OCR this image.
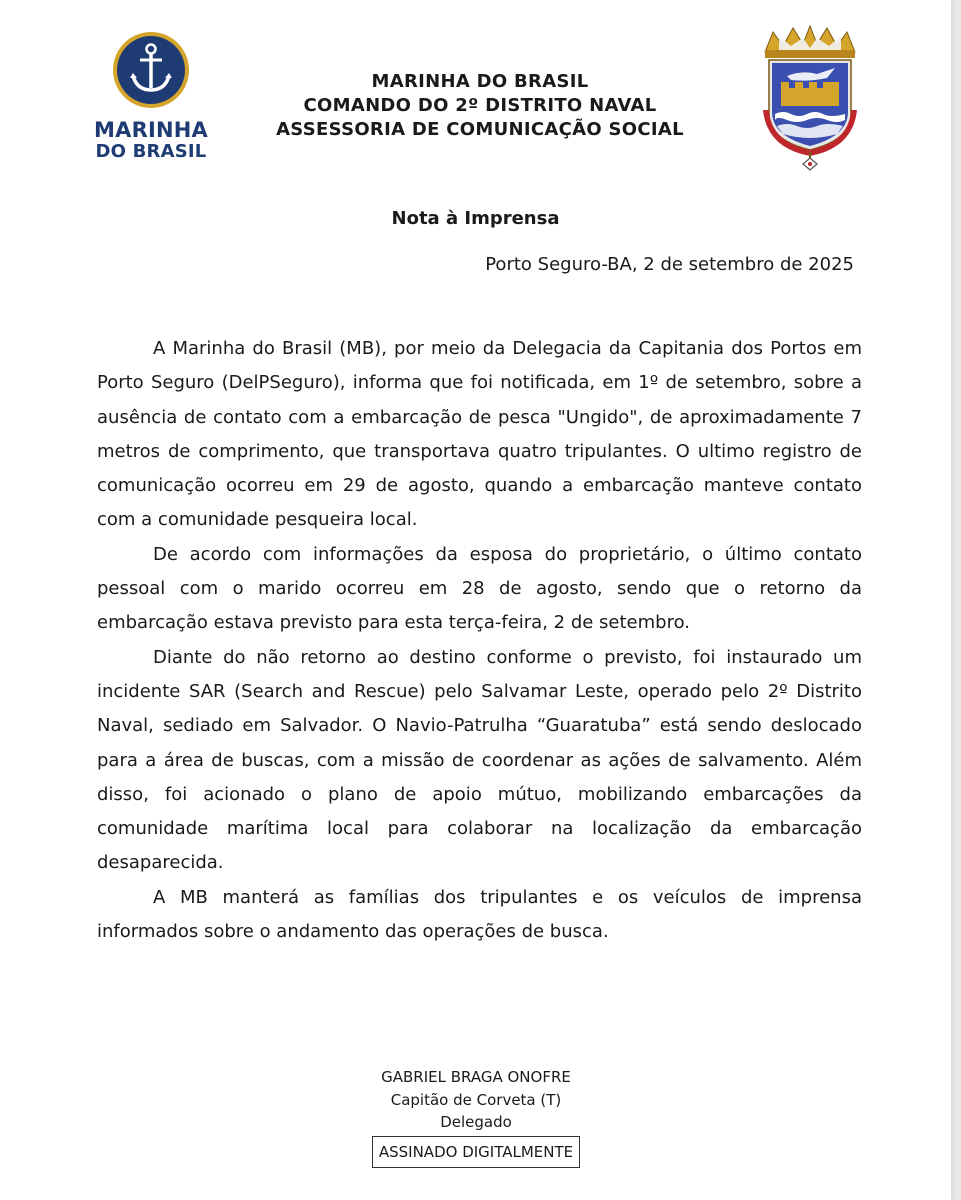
MARINHA
DO BRASIL
MARINHA DO BRASIL
COMANDO DO 2º DISTRITO NAVAL
ASSESSORIA DE COMUNICAÇÃO SOCIAL
Nota à Imprensa
Porto Seguro-BA, 2 de setembro de 2025

A Marinha do Brasil (MB), por meio da Delegacia da Capitania dos Portos em Porto Seguro (DelPSeguro), informa que foi notificada, em 1º de setembro, sobre a ausência de contato com a embarcação de pesca "Ungido", de aproximadamente 7 metros de comprimento, que transportava quatro tripulantes. O ultimo registro de comunicação ocorreu em 29 de agosto, quando a embarcação manteve contato com a comunidade pesqueira local.

De acordo com informações da esposa do proprietário, o último contato pessoal com o marido ocorreu em 28 de agosto, sendo que o retorno da embarcação estava previsto para esta terça-feira, 2 de setembro.

Diante do não retorno ao destino conforme o previsto, foi instaurado um incidente SAR (Search and Rescue) pelo Salvamar Leste, operado pelo 2º Distrito Naval, sediado em Salvador. O Navio-Patrulha “Guaratuba” está sendo deslocado para a área de buscas, com a missão de coordenar as ações de salvamento. Além disso, foi acionado o plano de apoio mútuo, mobilizando embarcações da comunidade marítima local para colaborar na localização da embarcação desaparecida.

A MB manterá as famílias dos tripulantes e os veículos de imprensa informados sobre o andamento das operações de busca.

GABRIEL BRAGA ONOFRE
Capitão de Corveta (T)
Delegado
ASSINADO DIGITALMENTE
